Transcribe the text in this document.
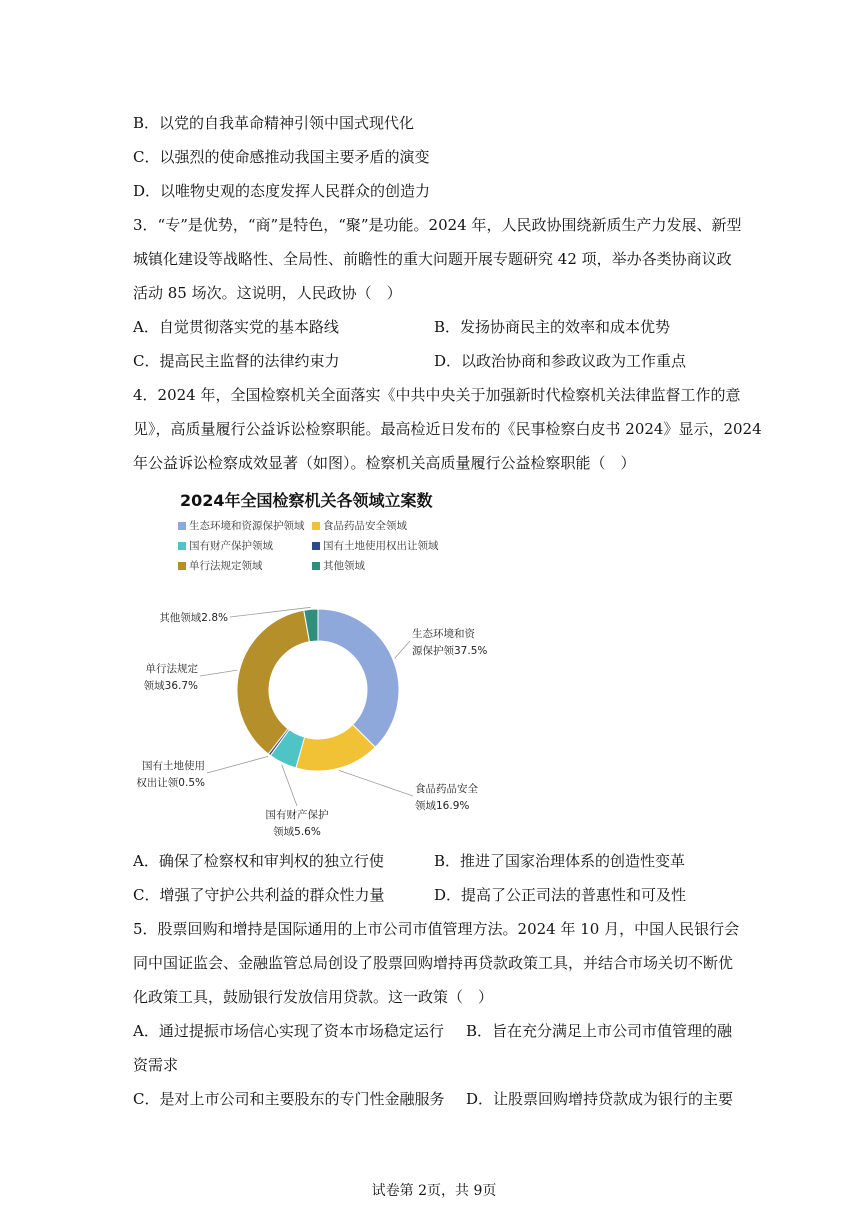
B．以党的自我革命精神引领中国式现代化
C．以强烈的使命感推动我国主要矛盾的演变
D．以唯物史观的态度发挥人民群众的创造力
3．“专”是优势，“商”是特色，“聚”是功能。2024 年，人民政协围绕新质生产力发展、新型
城镇化建设等战略性、全局性、前瞻性的重大问题开展专题研究 42 项，举办各类协商议政
活动 85 场次。这说明，人民政协（　）
A．自觉贯彻落实党的基本路线	B．发扬协商民主的效率和成本优势
C．提高民主监督的法律约束力	D．以政治协商和参政议政为工作重点
4．2024 年，全国检察机关全面落实《中共中央关于加强新时代检察机关法律监督工作的意
见》，高质量履行公益诉讼检察职能。最高检近日发布的《民事检察白皮书 2024》显示，2024
年公益诉讼检察成效显著（如图）。检察机关高质量履行公益检察职能（　）
2024年全国检察机关各领域立案数
生态环境和资源保护领域 食品药品安全领域
国有财产保护领域	国有土地使用权出让领域
单行法规定领域	其他领域
生态环境和资
源保护领37.5%
食品药品安全
领域16.9%
国有财产保护
领域5.6%
国有土地使用
权出让领0.5%
单行法规定
领域36.7%
其他领域2.8%
A．确保了检察权和审判权的独立行使	B．推进了国家治理体系的创造性变革
C．增强了守护公共利益的群众性力量	D．提高了公正司法的普惠性和可及性
5．股票回购和增持是国际通用的上市公司市值管理方法。2024 年 10 月，中国人民银行会
同中国证监会、金融监管总局创设了股票回购增持再贷款政策工具，并结合市场关切不断优
化政策工具，鼓励银行发放信用贷款。这一政策（　）
A．通过提振市场信心实现了资本市场稳定运行 B．旨在充分满足上市公司市值管理的融
资需求
C．是对上市公司和主要股东的专门性金融服务 D．让股票回购增持贷款成为银行的主要
试卷第 2页，共 9页
